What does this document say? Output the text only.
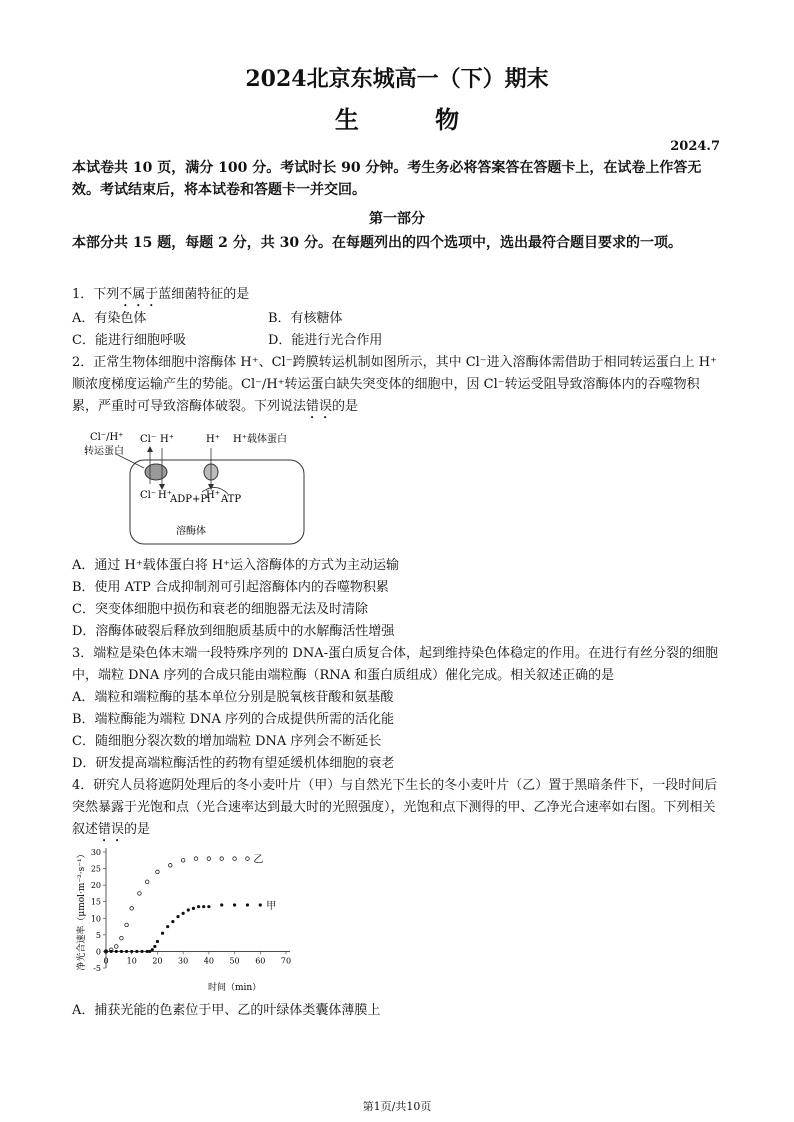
2024北京东城高一（下）期末
生 物
2024.7
本试卷共 10 页，满分 100 分。考试时长 90 分钟。考生务必将答案答在答题卡上，在试卷上作答无效。考试结束后，将本试卷和答题卡一并交回。
第一部分
本部分共 15 题，每题 2 分，共 30 分。在每题列出的四个选项中，选出最符合题目要求的一项。
1．下列不属于蓝细菌特征的是
A．有染色体	B．有核糖体
C．能进行细胞呼吸	D．能进行光合作用
2．正常生物体细胞中溶酶体 H⁺、Cl⁻跨膜转运机制如图所示，其中 Cl⁻进入溶酶体需借助于相同转运蛋白上 H⁺顺浓度梯度运输产生的势能。Cl⁻/H⁺转运蛋白缺失突变体的细胞中，因 Cl⁻转运受阻导致溶酶体内的吞噬物积累，严重时可导致溶酶体破裂。下列说法错误的是
Cl⁻/H⁺
转运蛋白
Cl⁻ H⁺	H⁺ H⁺载体蛋白
Cl⁻ H⁺
ADP+Pi
H⁺ ATP
溶酶体
A．通过 H⁺载体蛋白将 H⁺运入溶酶体的方式为主动运输
B．使用 ATP 合成抑制剂可引起溶酶体内的吞噬物积累
C．突变体细胞中损伤和衰老的细胞器无法及时清除
D．溶酶体破裂后释放到细胞质基质中的水解酶活性增强
3．端粒是染色体末端一段特殊序列的 DNA-蛋白质复合体，起到维持染色体稳定的作用。在进行有丝分裂的细胞中，端粒 DNA 序列的合成只能由端粒酶（RNA 和蛋白质组成）催化完成。相关叙述正确的是
A．端粒和端粒酶的基本单位分别是脱氧核苷酸和氨基酸
B．端粒酶能为端粒 DNA 序列的合成提供所需的活化能
C．随细胞分裂次数的增加端粒 DNA 序列会不断延长
D．研发提高端粒酶活性的药物有望延缓机体细胞的衰老
4．研究人员将遮阴处理后的冬小麦叶片（甲）与自然光下生长的冬小麦叶片（乙）置于黑暗条件下，一段时间后突然暴露于光饱和点（光合速率达到最大时的光照强度），光饱和点下测得的甲、乙净光合速率如右图。下列相关叙述错误的是
-5
0
5
10
15
20
25
30
0 10 20 30 40 50 60 70
净光合速率（μmol·m⁻²·s⁻¹）
时间（min）
乙
甲
A．捕获光能的色素位于甲、乙的叶绿体类囊体薄膜上
第1页/共10页
